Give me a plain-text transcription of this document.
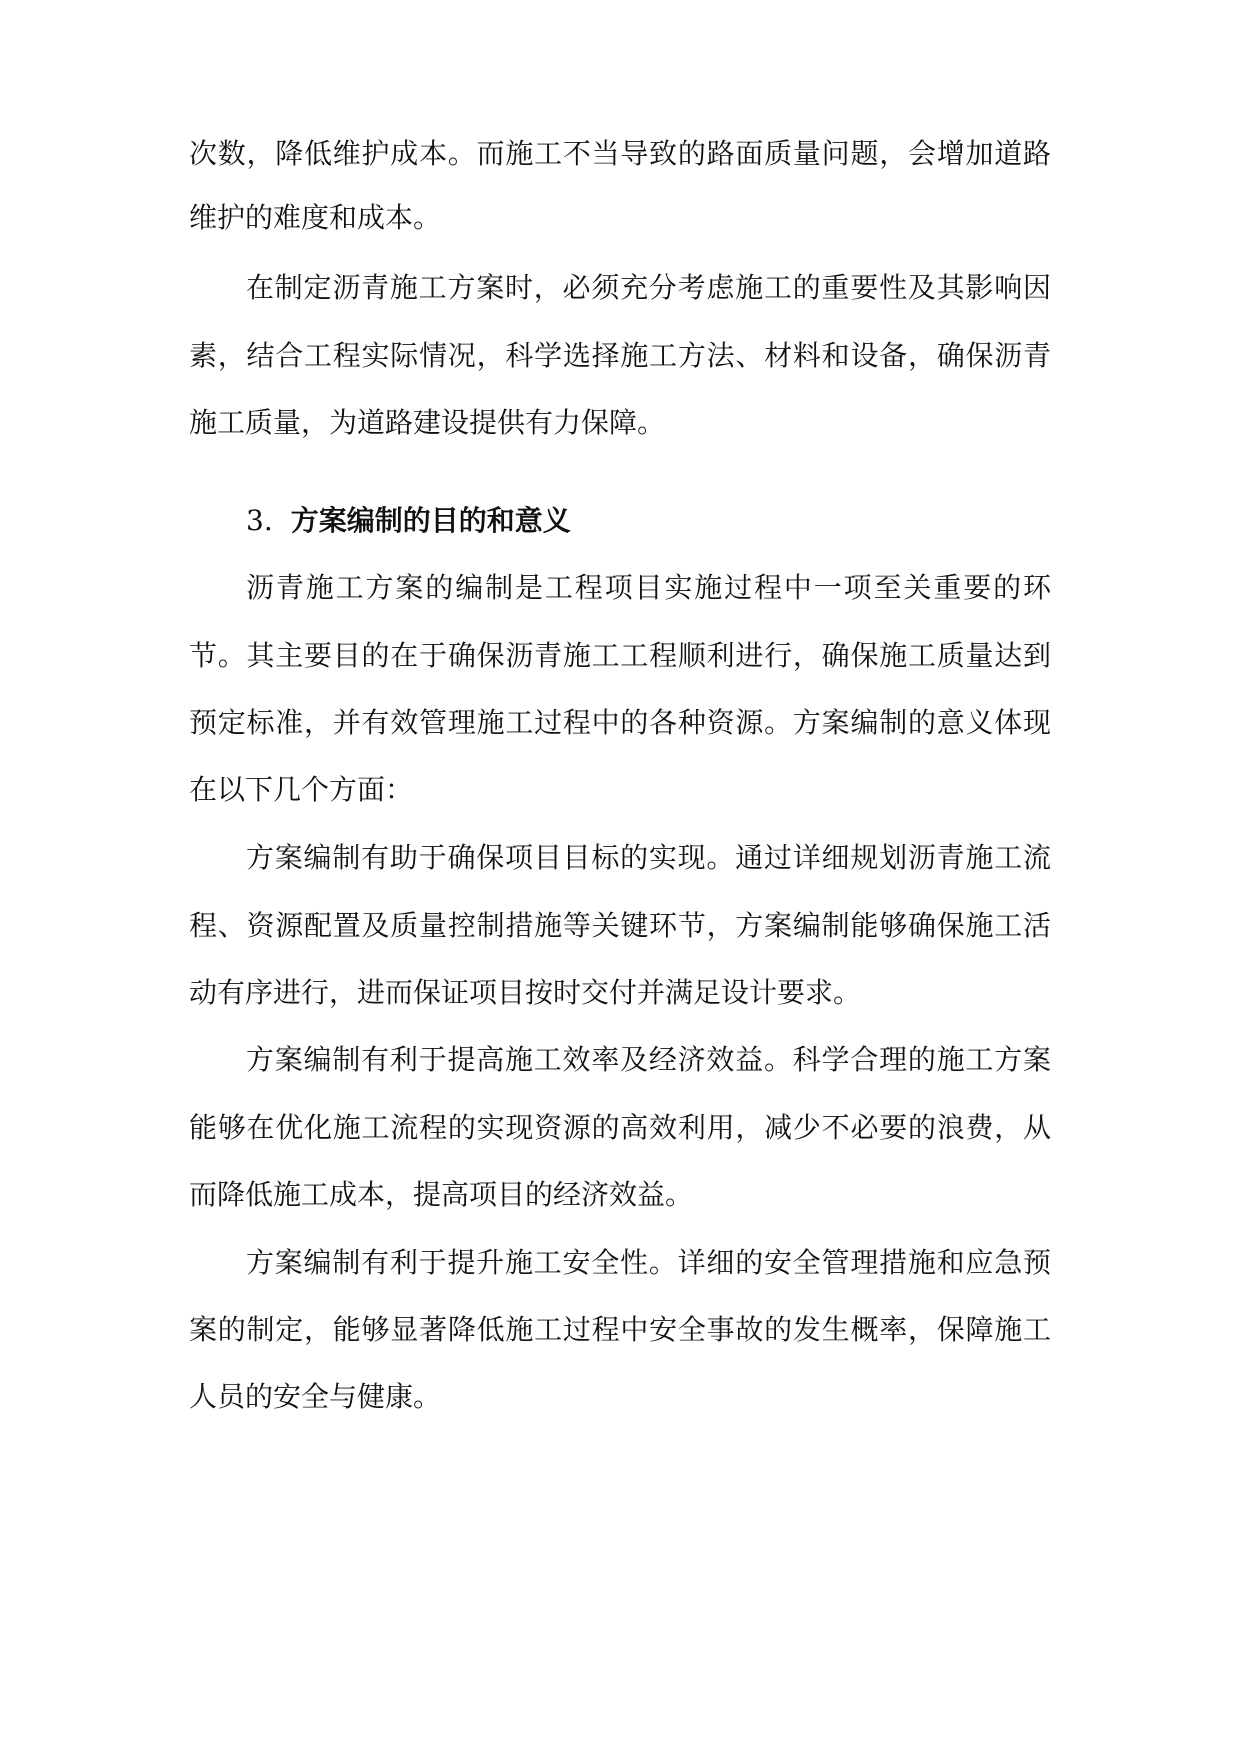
次数，降低维护成本。而施工不当导致的路面质量问题，会增加道路

维护的难度和成本。

在制定沥青施工方案时，必须充分考虑施工的重要性及其影响因

素，结合工程实际情况，科学选择施工方法、材料和设备，确保沥青

施工质量，为道路建设提供有力保障。

3. 方案编制的目的和意义

沥青施工方案的编制是工程项目实施过程中一项至关重要的环

节。其主要目的在于确保沥青施工工程顺利进行，确保施工质量达到

预定标准，并有效管理施工过程中的各种资源。方案编制的意义体现

在以下几个方面：

方案编制有助于确保项目目标的实现。通过详细规划沥青施工流

程、资源配置及质量控制措施等关键环节，方案编制能够确保施工活

动有序进行，进而保证项目按时交付并满足设计要求。

方案编制有利于提高施工效率及经济效益。科学合理的施工方案

能够在优化施工流程的实现资源的高效利用，减少不必要的浪费，从

而降低施工成本，提高项目的经济效益。

方案编制有利于提升施工安全性。详细的安全管理措施和应急预

案的制定，能够显著降低施工过程中安全事故的发生概率，保障施工

人员的安全与健康。
